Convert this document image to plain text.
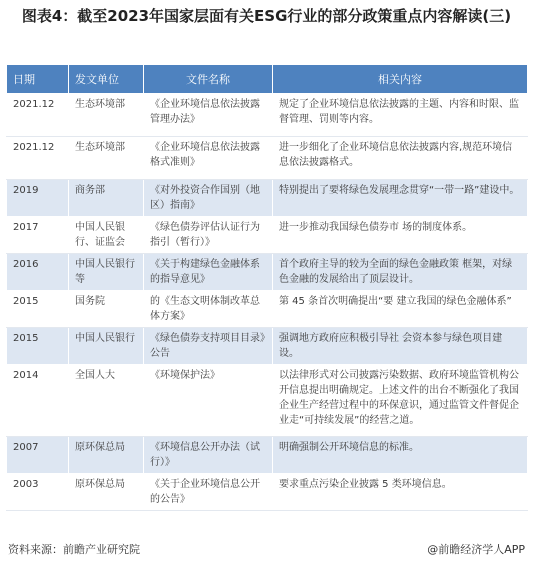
图表4：截至2023年国家层面有关ESG行业的部分政策重点内容解读(三)
日期	发文单位	文件名称	相关内容
2021.12	生态环境部	《企业环境信息依法披露管理办法》	规定了企业环境信息依法披露的主题、内容和时限、监督管理、罚则等内容。
2021.12	生态环境部	《企业环境信息依法披露格式准则》	进一步细化了企业环境信息依法披露内容,规范环境信息依法披露格式。
2019	商务部	《对外投资合作国别（地区）指南》	特别提出了要将绿色发展理念贯穿“一带一路”建设中。
2017	中国人民银行、证监会	《绿色债券评估认证行为指引（暂行）》	进一步推动我国绿色债券市 场的制度体系。
2016	中国人民银行等	《关于构建绿色金融体系的指导意见》	首个政府主导的较为全面的绿色金融政策 框架，对绿色金融的发展给出了顶层设计。
2015	国务院	的《生态文明体制改革总体方案》	第 45 条首次明确提出“要 建立我国的绿色金融体系”
2015	中国人民银行	《绿色债券支持项目目录》公告	强调地方政府应积极引导社 会资本参与绿色项目建设。
2014	全国人大	《环境保护法》	以法律形式对公司披露污染数据、政府环境监管机构公开信息提出明确规定。上述文件的出台不断强化了我国企业生产经营过程中的环保意识，通过监管文件督促企业走“可持续发展”的经营之道。
2007	原环保总局	《环境信息公开办法（试行）》	明确强制公开环境信息的标准。
2003	原环保总局	《关于企业环境信息公开的公告》	要求重点污染企业披露 5 类环境信息。
资料来源：前瞻产业研究院	@前瞻经济学人APP
